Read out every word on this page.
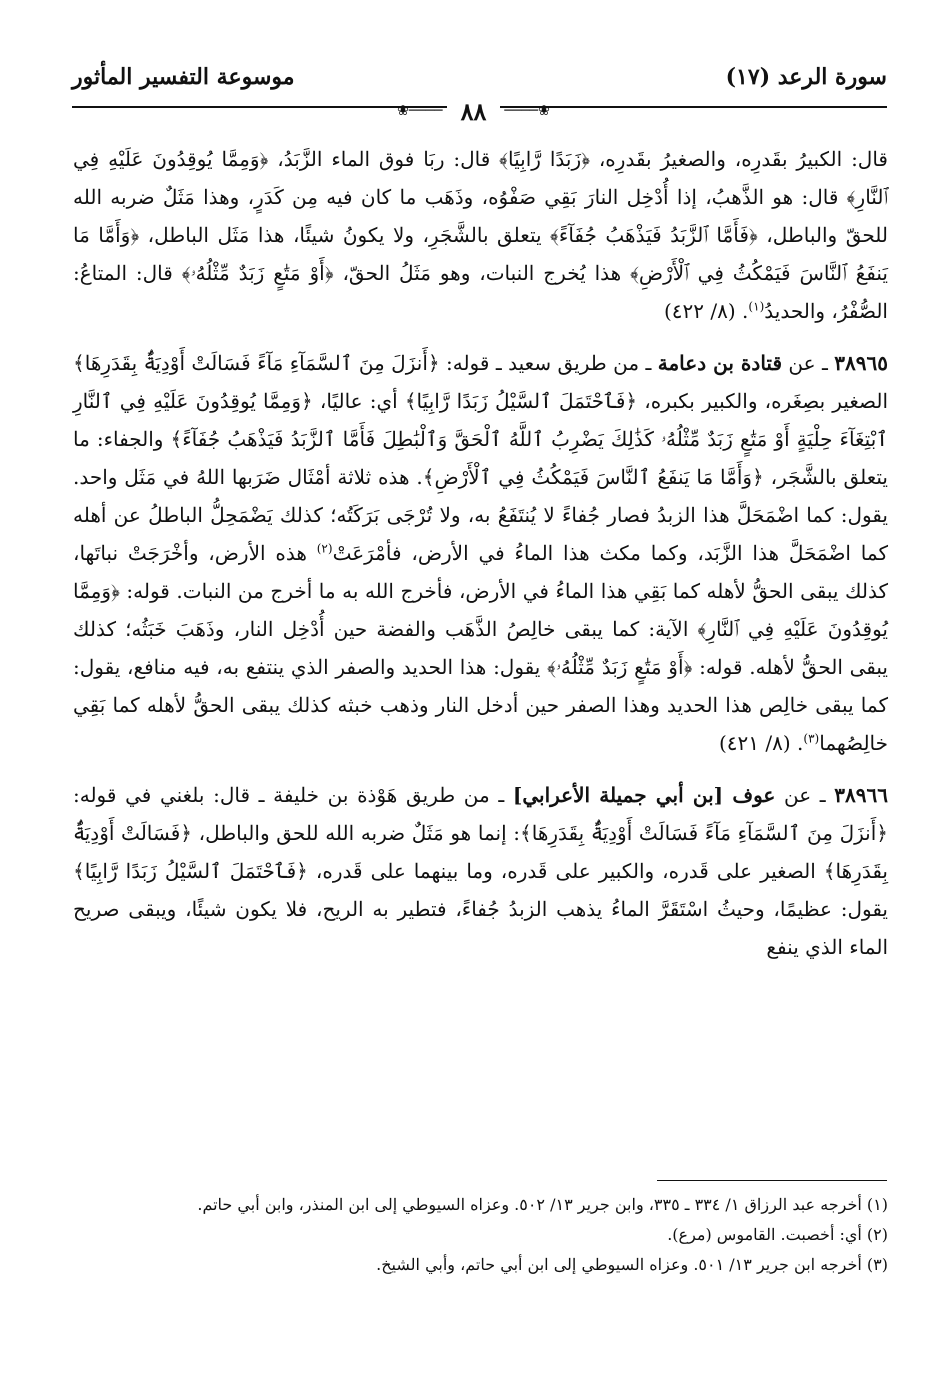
سورة الرعد (١٧)
موسوعة التفسير المأثور
❀──── ٨٨	────❀

قال: الكبيرُ بقَدرِه، والصغيرُ بقَدرِه، ﴿زَبَدًا رَّابِيًا﴾ قال: ربَا فوق الماء الزَّبَدُ، ﴿وَمِمَّا يُوقِدُونَ عَلَيْهِ فِي ٱلنَّارِ﴾ قال: هو الذَّهبُ، إذا أُدْخِل النارَ بَقِي صَفْوُه، وذَهَب ما كان فيه مِن كَدَرٍ، وهذا مَثَلٌ ضربه الله للحقّ والباطل، ﴿فَأَمَّا ٱلزَّبَدُ فَيَذْهَبُ جُفَآءً﴾ يتعلق بالشَّجَرِ، ولا يكونُ شيئًا، هذا مَثَل الباطل، ﴿وَأَمَّا مَا يَنفَعُ ٱلنَّاسَ فَيَمْكُثُ فِي ٱلْأَرْضِ﴾ هذا يُخرج النبات، وهو مَثَلُ الحقّ، ﴿أَوْ مَتَٰعٍ زَبَدٌ مِّثْلُهُۥ﴾ قال: المتاعُ: الصُّفْرُ، والحديدُ$^{(١)}$. (٨/ ٤٢٢)

٣٨٩٦٥ ـ عن قتادة بن دعامة ـ من طريق سعيد ـ قوله: ﴿أَنزَلَ مِنَ ٱلسَّمَآءِ مَآءً فَسَالَتْ أَوْدِيَةٌۢ بِقَدَرِهَا﴾ الصغير بصِغَره، والكبير بكبره، ﴿فَٱحْتَمَلَ ٱلسَّيْلُ زَبَدًا رَّابِيًا﴾ أي: عاليًا، ﴿وَمِمَّا يُوقِدُونَ عَلَيْهِ فِي ٱلنَّارِ ٱبْتِغَآءَ حِلْيَةٍ أَوْ مَتَٰعٍ زَبَدٌ مِّثْلُهُۥ كَذَٰلِكَ يَضْرِبُ ٱللَّهُ ٱلْحَقَّ وَٱلْبَٰطِلَ فَأَمَّا ٱلزَّبَدُ فَيَذْهَبُ جُفَآءً﴾ والجفاء: ما يتعلق بالشَّجَر، ﴿وَأَمَّا مَا يَنفَعُ ٱلنَّاسَ فَيَمْكُثُ فِي ٱلْأَرْضِ﴾. هذه ثلاثة أمْثَال ضَرَبها اللهُ في مَثَل واحد. يقول: كما اضْمَحَلَّ هذا الزبدُ فصار جُفاءً لا يُنتَفَعُ به، ولا تُرْجَى بَرَكَتُه؛ كذلك يَضْمَحِلُّ الباطلُ عن أهله كما اضْمَحَلَّ هذا الزَّبَد، وكما مكث هذا الماءُ في الأرض، فأمْرَعَتْ$^{(٢)}$ هذه الأرض، وأخْرَجَتْ نباتَها، كذلك يبقى الحقُّ لأهله كما بَقِي هذا الماءُ في الأرض، فأخرج الله به ما أخرج من النبات. قوله: ﴿وَمِمَّا يُوقِدُونَ عَلَيْهِ فِي ٱلنَّارِ﴾ الآية: كما يبقى خالِصُ الذَّهَب والفضة حين أُدْخِل النار، وذَهَبَ خَبَثُه؛ كذلك يبقى الحقُّ لأهله. قوله: ﴿أَوْ مَتَٰعٍ زَبَدٌ مِّثْلُهُۥ﴾ يقول: هذا الحديد والصفر الذي ينتفع به، فيه منافع، يقول: كما يبقى خالِص هذا الحديد وهذا الصفر حين أدخل النار وذهب خبثه كذلك يبقى الحقُّ لأهله كما بَقِي خالِصُهما$^{(٣)}$. (٨/ ٤٢١)

٣٨٩٦٦ ـ عن عوف [بن أبي جميلة الأعرابي] ـ من طريق هَوْذة بن خليفة ـ قال: بلغني في قوله: ﴿أَنزَلَ مِنَ ٱلسَّمَآءِ مَآءً فَسَالَتْ أَوْدِيَةٌۢ بِقَدَرِهَا﴾: إنما هو مَثَلٌ ضربه الله للحق والباطل، ﴿فَسَالَتْ أَوْدِيَةٌۢ بِقَدَرِهَا﴾ الصغير على قَدره، والكبير على قَدره، وما بينهما على قَدره، ﴿فَٱحْتَمَلَ ٱلسَّيْلُ زَبَدًا رَّابِيًا﴾ يقول: عظيمًا، وحيثُ اسْتَقَرَّ الماءُ يذهب الزبدُ جُفاءً، فتطير به الريح، فلا يكون شيئًا، ويبقى صريح الماء الذي ينفع

(١) أخرجه عبد الرزاق ١/ ٣٣٤ ـ ٣٣٥، وابن جرير ١٣/ ٥٠٢. وعزاه السيوطي إلى ابن المنذر، وابن أبي حاتم.
(٢) أي: أخصبت. القاموس (مرع).
(٣) أخرجه ابن جرير ١٣/ ٥٠١. وعزاه السيوطي إلى ابن أبي حاتم، وأبي الشيخ.
